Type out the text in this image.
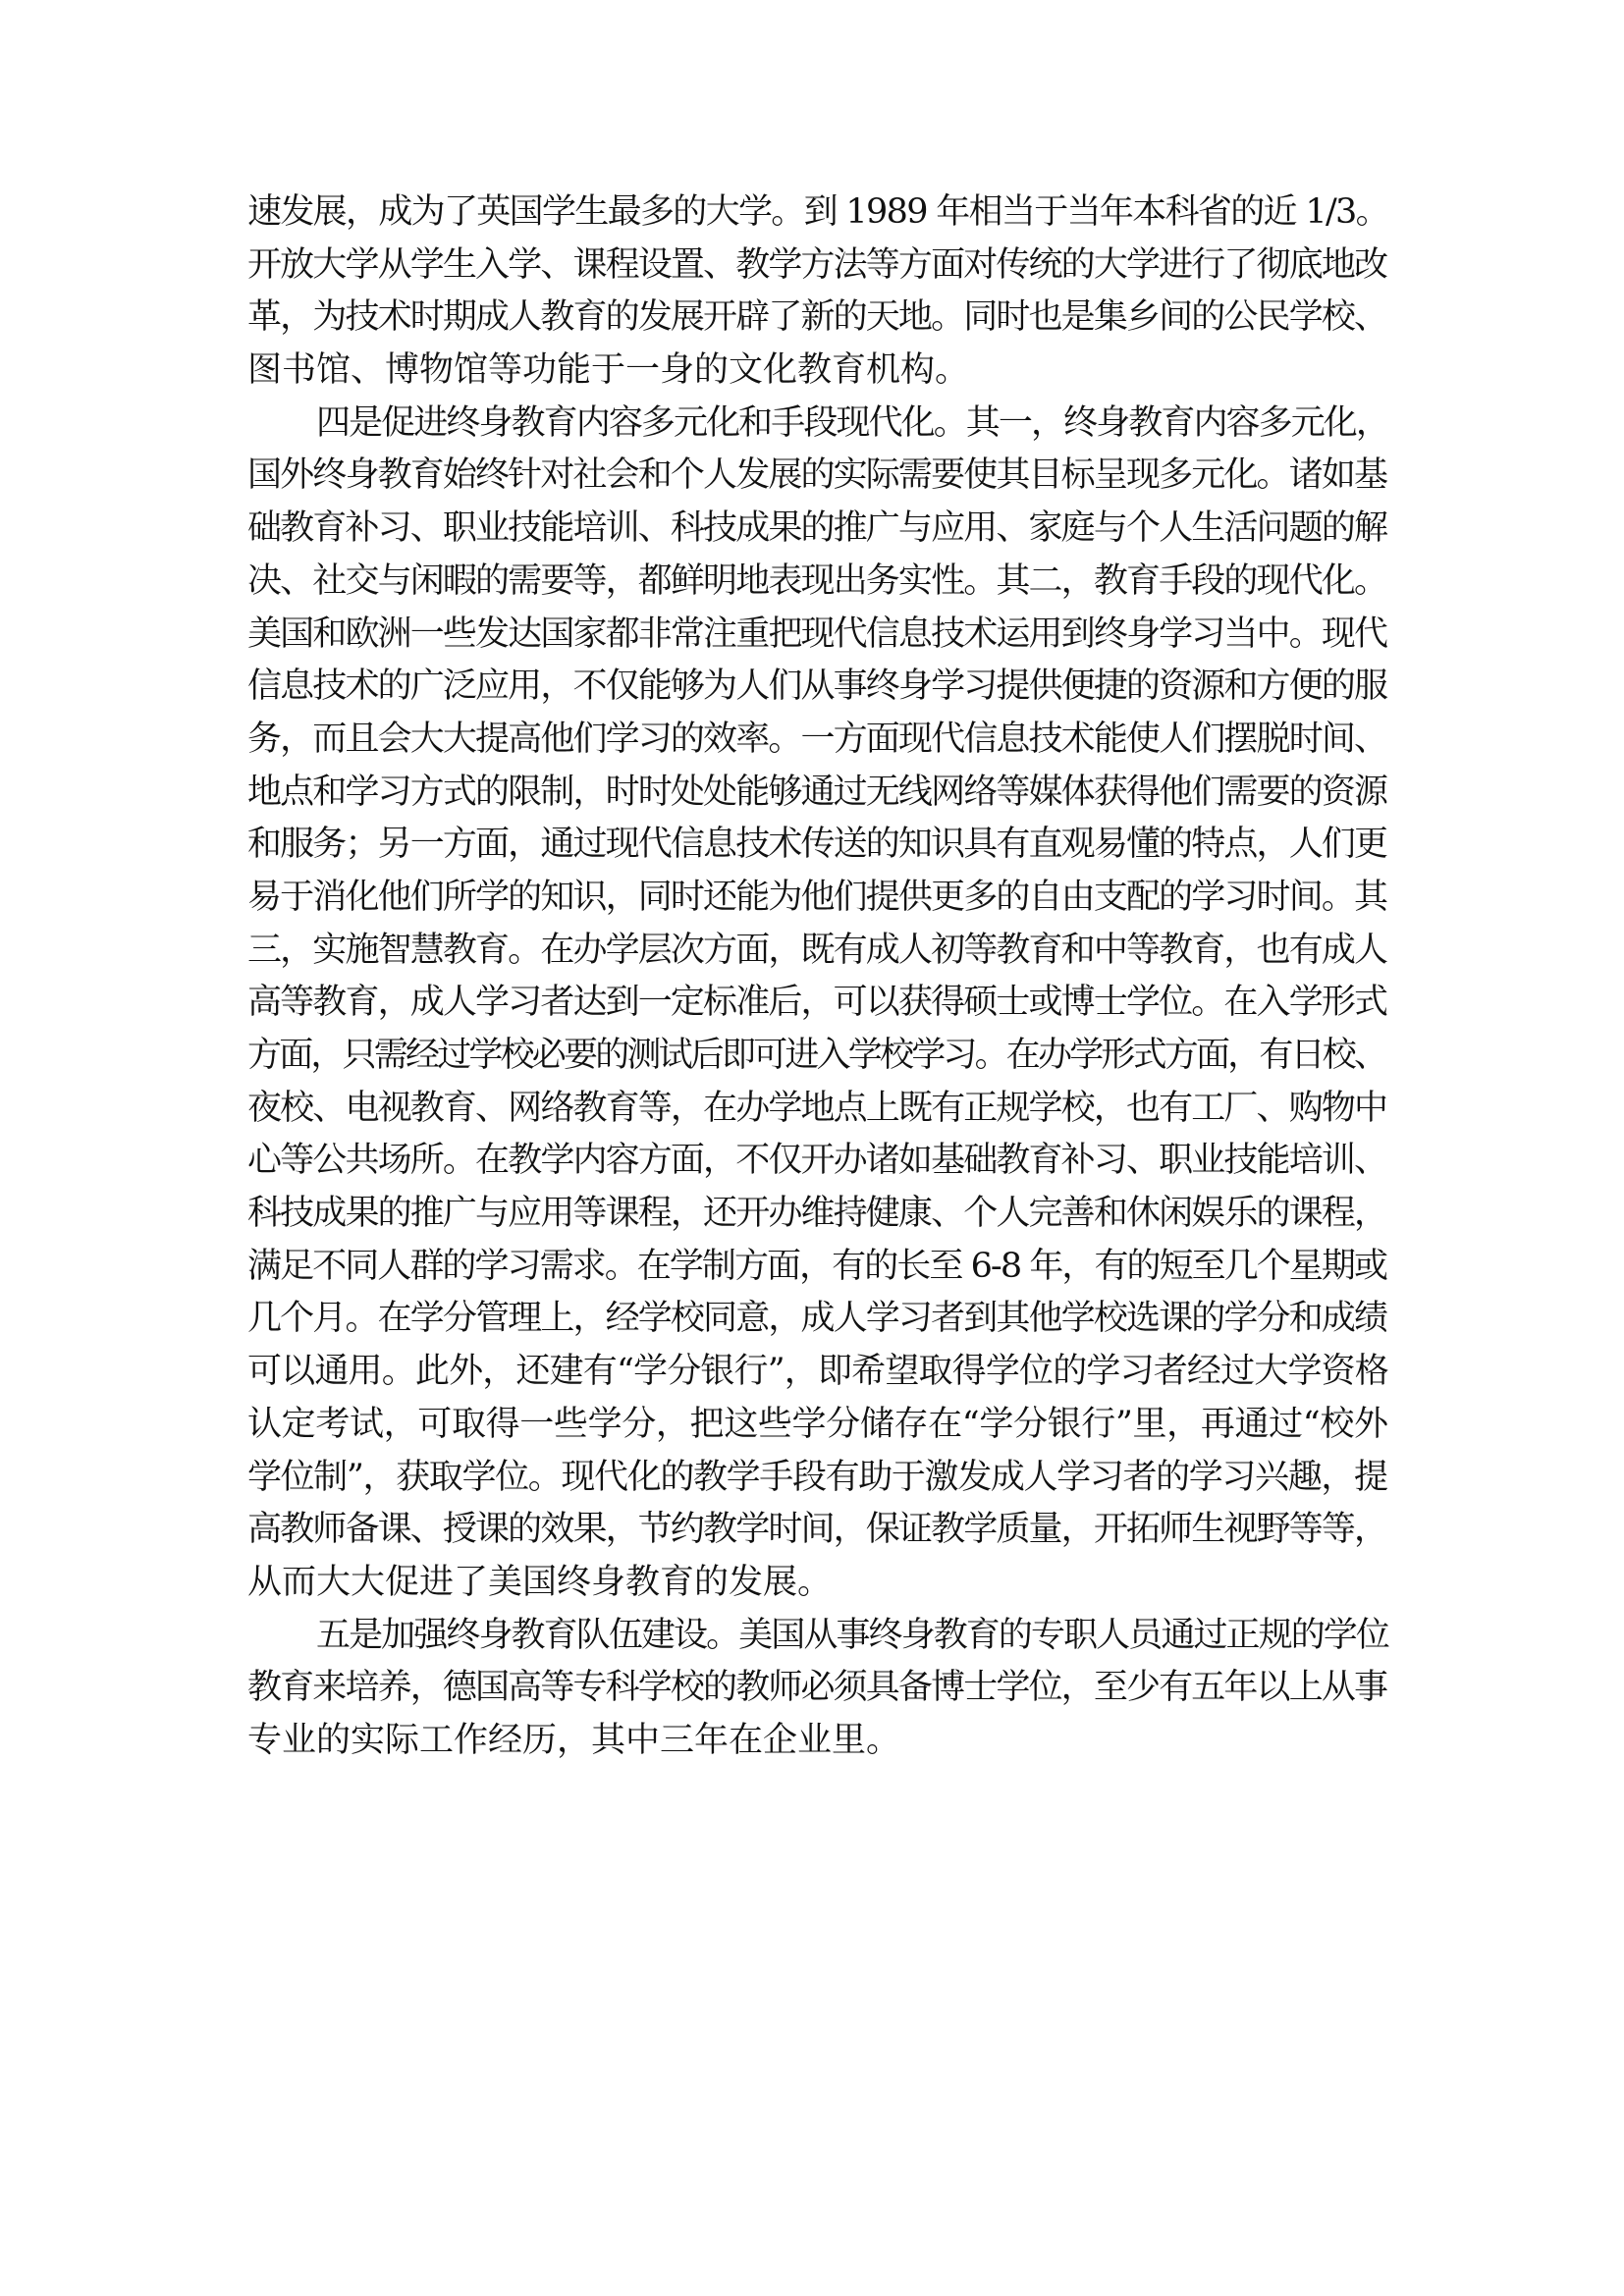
速发展，成为了英国学生最多的大学。到 1989 年相当于当年本科省的近 1/3。
开放大学从学生入学、课程设置、教学方法等方面对传统的大学进行了彻底地改
革，为技术时期成人教育的发展开辟了新的天地。同时也是集乡间的公民学校、
图书馆、博物馆等功能于一身的文化教育机构。
四是促进终身教育内容多元化和手段现代化。其一，终身教育内容多元化，
国外终身教育始终针对社会和个人发展的实际需要使其目标呈现多元化。诸如基
础教育补习、职业技能培训、科技成果的推广与应用、家庭与个人生活问题的解
决、社交与闲暇的需要等，都鲜明地表现出务实性。其二，教育手段的现代化。
美国和欧洲一些发达国家都非常注重把现代信息技术运用到终身学习当中。现代
信息技术的广泛应用，不仅能够为人们从事终身学习提供便捷的资源和方便的服
务，而且会大大提高他们学习的效率。一方面现代信息技术能使人们摆脱时间、
地点和学习方式的限制，时时处处能够通过无线网络等媒体获得他们需要的资源
和服务；另一方面，通过现代信息技术传送的知识具有直观易懂的特点，人们更
易于消化他们所学的知识，同时还能为他们提供更多的自由支配的学习时间。其
三，实施智慧教育。在办学层次方面，既有成人初等教育和中等教育，也有成人
高等教育，成人学习者达到一定标准后，可以获得硕士或博士学位。在入学形式
方面，只需经过学校必要的测试后即可进入学校学习。在办学形式方面，有日校、
夜校、电视教育、网络教育等，在办学地点上既有正规学校，也有工厂、购物中
心等公共场所。在教学内容方面，不仅开办诸如基础教育补习、职业技能培训、
科技成果的推广与应用等课程，还开办维持健康、个人完善和休闲娱乐的课程，
满足不同人群的学习需求。在学制方面，有的长至 6-8 年，有的短至几个星期或
几个月。在学分管理上，经学校同意，成人学习者到其他学校选课的学分和成绩
可以通用。此外，还建有“学分银行”，即希望取得学位的学习者经过大学资格
认定考试，可取得一些学分，把这些学分储存在“学分银行”里，再通过“校外
学位制”，获取学位。现代化的教学手段有助于激发成人学习者的学习兴趣，提
高教师备课、授课的效果，节约教学时间，保证教学质量，开拓师生视野等等，
从而大大促进了美国终身教育的发展。
五是加强终身教育队伍建设。美国从事终身教育的专职人员通过正规的学位
教育来培养，德国高等专科学校的教师必须具备博士学位，至少有五年以上从事
专业的实际工作经历，其中三年在企业里。
